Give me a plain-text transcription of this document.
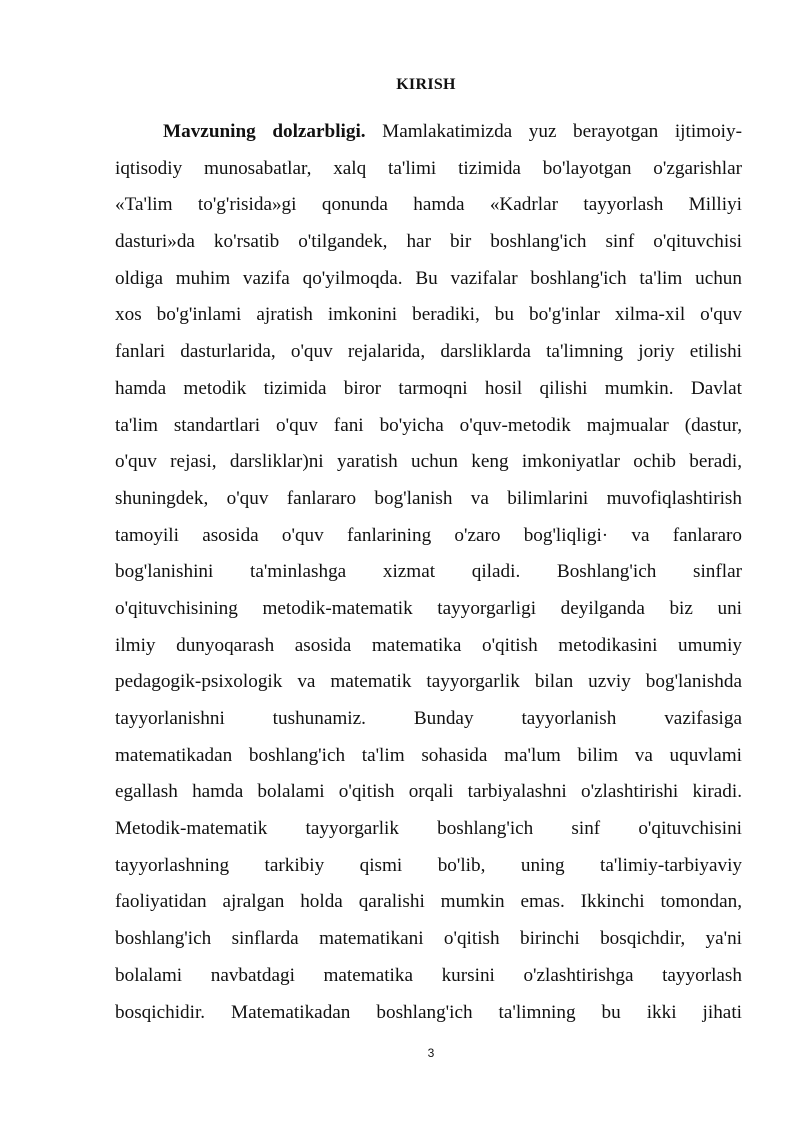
KIRISH
Mavzuning dolzarbligi. Mamlakatimizda yuz berayotgan ijtimoiy-
iqtisodiy munosabatlar, xalq ta'limi tizimida bo'layotgan o'zgarishlar
«Ta'lim to'g'risida»gi qonunda hamda «Kadrlar tayyorlash Milliyi
dasturi»da ko'rsatib o'tilgandek, har bir boshlang'ich sinf o'qituvchisi
oldiga muhim vazifa qo'yilmoqda. Bu vazifalar boshlang'ich ta'lim uchun
xos bo'g'inlami ajratish imkonini beradiki, bu bo'g'inlar xilma-xil o'quv
fanlari dasturlarida, o'quv rejalarida, darsliklarda ta'limning joriy etilishi
hamda metodik tizimida biror tarmoqni hosil qilishi mumkin. Davlat
ta'lim standartlari o'quv fani bo'yicha o'quv-metodik majmualar (dastur,
o'quv rejasi, darsliklar)ni yaratish uchun keng imkoniyatlar ochib beradi,
shuningdek, o'quv fanlararo bog'lanish va bilimlarini muvofiqlashtirish
tamoyili asosida o'quv fanlarining o'zaro bog'liqligi· va fanlararo
bog'lanishini ta'minlashga xizmat qiladi. Boshlang'ich sinflar
o'qituvchisining metodik-matematik tayyorgarligi deyilganda biz uni
ilmiy dunyoqarash asosida matematika o'qitish metodikasini umumiy
pedagogik-psixologik va matematik tayyorgarlik bilan uzviy bog'lanishda
tayyorlanishni tushunamiz. Bunday tayyorlanish vazifasiga
matematikadan boshlang'ich ta'lim sohasida ma'lum bilim va uquvlami
egallash hamda bolalami o'qitish orqali tarbiyalashni o'zlashtirishi kiradi.
Metodik-matematik tayyorgarlik boshlang'ich sinf o'qituvchisini
tayyorlashning tarkibiy qismi bo'lib, uning ta'limiy-tarbiyaviy
faoliyatidan ajralgan holda qaralishi mumkin emas. Ikkinchi tomondan,
boshlang'ich sinflarda matematikani o'qitish birinchi bosqichdir, ya'ni
bolalami navbatdagi matematika kursini o'zlashtirishga tayyorlash
bosqichidir. Matematikadan boshlang'ich ta'limning bu ikki jihati
3
